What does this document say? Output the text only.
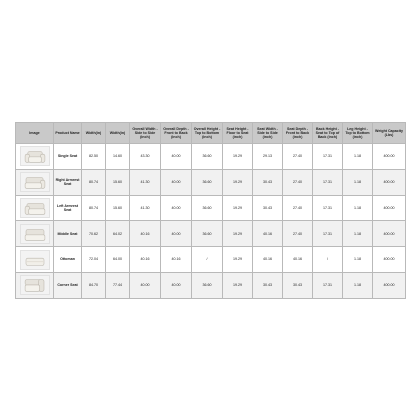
Image	Product Name	Width(in)	Width(in)	Overall Width - Side to Side (inch)	Overall Depth - Front to Back (inch)	Overall Height - Top to Bottom (inch)	Seat Height - Floor to Seat (inch)	Seat Width - Side to Side (inch)	Seat Depth - Front to Back (inch)	Back Height - Seat to Top of Back (inch)	Leg Height - Top to Bottom (inch)	Weight Capacity (Lbs)

	Single Seat	82.50	14.60	43.30	40.00	36.60	19.29	29.13	27.40	17.31	1.18	400.00

	Right Armrest Seat	80.74	15.60	41.30	40.00	36.60	19.29	30.43	27.40	17.31	1.18	400.00

	Left Armrest Seat	80.74	15.60	41.30	40.00	36.60	19.29	30.43	27.40	17.31	1.18	400.00

	Middle Seat	70.62	64.02	40.16	40.00	36.60	19.29	40.16	27.40	17.31	1.18	400.00

	Ottoman	72.04	64.00	40.16	40.16	/	19.29	40.16	40.16	/	1.18	400.00

	Corner Seat	84.70	77.44	40.00	40.00	36.60	19.29	30.43	30.43	17.31	1.18	400.00
